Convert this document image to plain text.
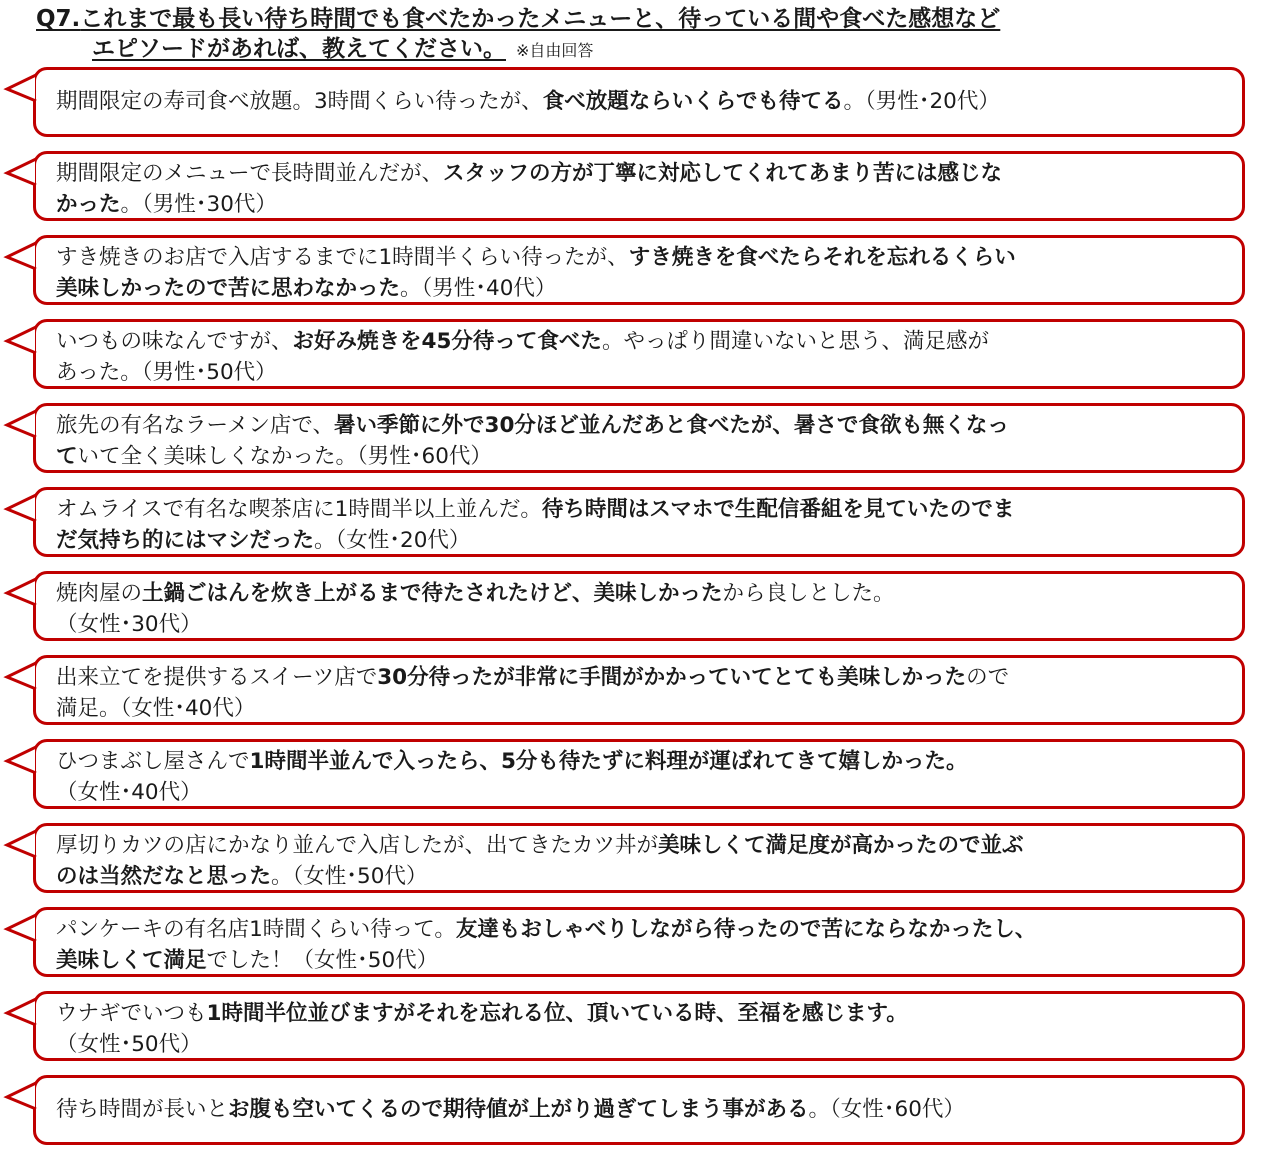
Q7.これまで最も長い待ち時間でも食べたかったメニューと、待っている間や食べた感想など
エピソードがあれば、教えてください。 ※自由回答
期間限定の寿司食べ放題。3時間くらい待ったが、食べ放題ならいくらでも待てる。（男性･20代）
期間限定のメニューで長時間並んだが、スタッフの方が丁寧に対応してくれてあまり苦には感じな
かった。（男性･30代）
すき焼きのお店で入店するまでに1時間半くらい待ったが、すき焼きを食べたらそれを忘れるくらい
美味しかったので苦に思わなかった。（男性･40代）
いつもの味なんですが、お好み焼きを45分待って食べた。やっぱり間違いないと思う、満足感が
あった。（男性･50代）
旅先の有名なラーメン店で、暑い季節に外で30分ほど並んだあと食べたが、暑さで食欲も無くなっ
ていて全く美味しくなかった。（男性･60代）
オムライスで有名な喫茶店に1時間半以上並んだ。待ち時間はスマホで生配信番組を見ていたのでま
だ気持ち的にはマシだった。（女性･20代）
焼肉屋の土鍋ごはんを炊き上がるまで待たされたけど、美味しかったから良しとした。
（女性･30代）
出来立てを提供するスイーツ店で30分待ったが非常に手間がかかっていてとても美味しかったので
満足。（女性･40代）
ひつまぶし屋さんで1時間半並んで入ったら、5分も待たずに料理が運ばれてきて嬉しかった。
（女性･40代）
厚切りカツの店にかなり並んで入店したが、出てきたカツ丼が美味しくて満足度が高かったので並ぶ
のは当然だなと思った。（女性･50代）
パンケーキの有名店1時間くらい待って。友達もおしゃべりしながら待ったので苦にならなかったし、
美味しくて満足でした！（女性･50代）
ウナギでいつも1時間半位並びますがそれを忘れる位、頂いている時、至福を感じます。
（女性･50代）
待ち時間が長いとお腹も空いてくるので期待値が上がり過ぎてしまう事がある。（女性･60代）
